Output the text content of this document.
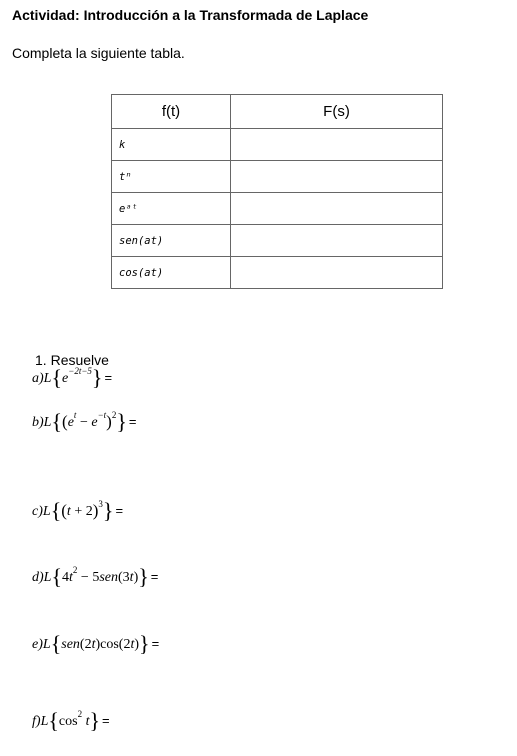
Actividad: Introducción a la Transformada de Laplace
Completa la siguiente tabla.
f(t)	F(s)
k	
tⁿ	
eᵃᵗ	
sen(at)	
cos(at)	
1. Resuelve
$a)L\{e^{-2t-5}\}$ =
$b)L\{(e^t - e^{-t})^2\}$ =
$c)L\{(t + 2)^3\}$ =
$d)L\{4t^2 - 5sen(3t)\}$ =
e)L{sen(2t)cos(2t)} =
$f)L\{\cos^2$ t} =
